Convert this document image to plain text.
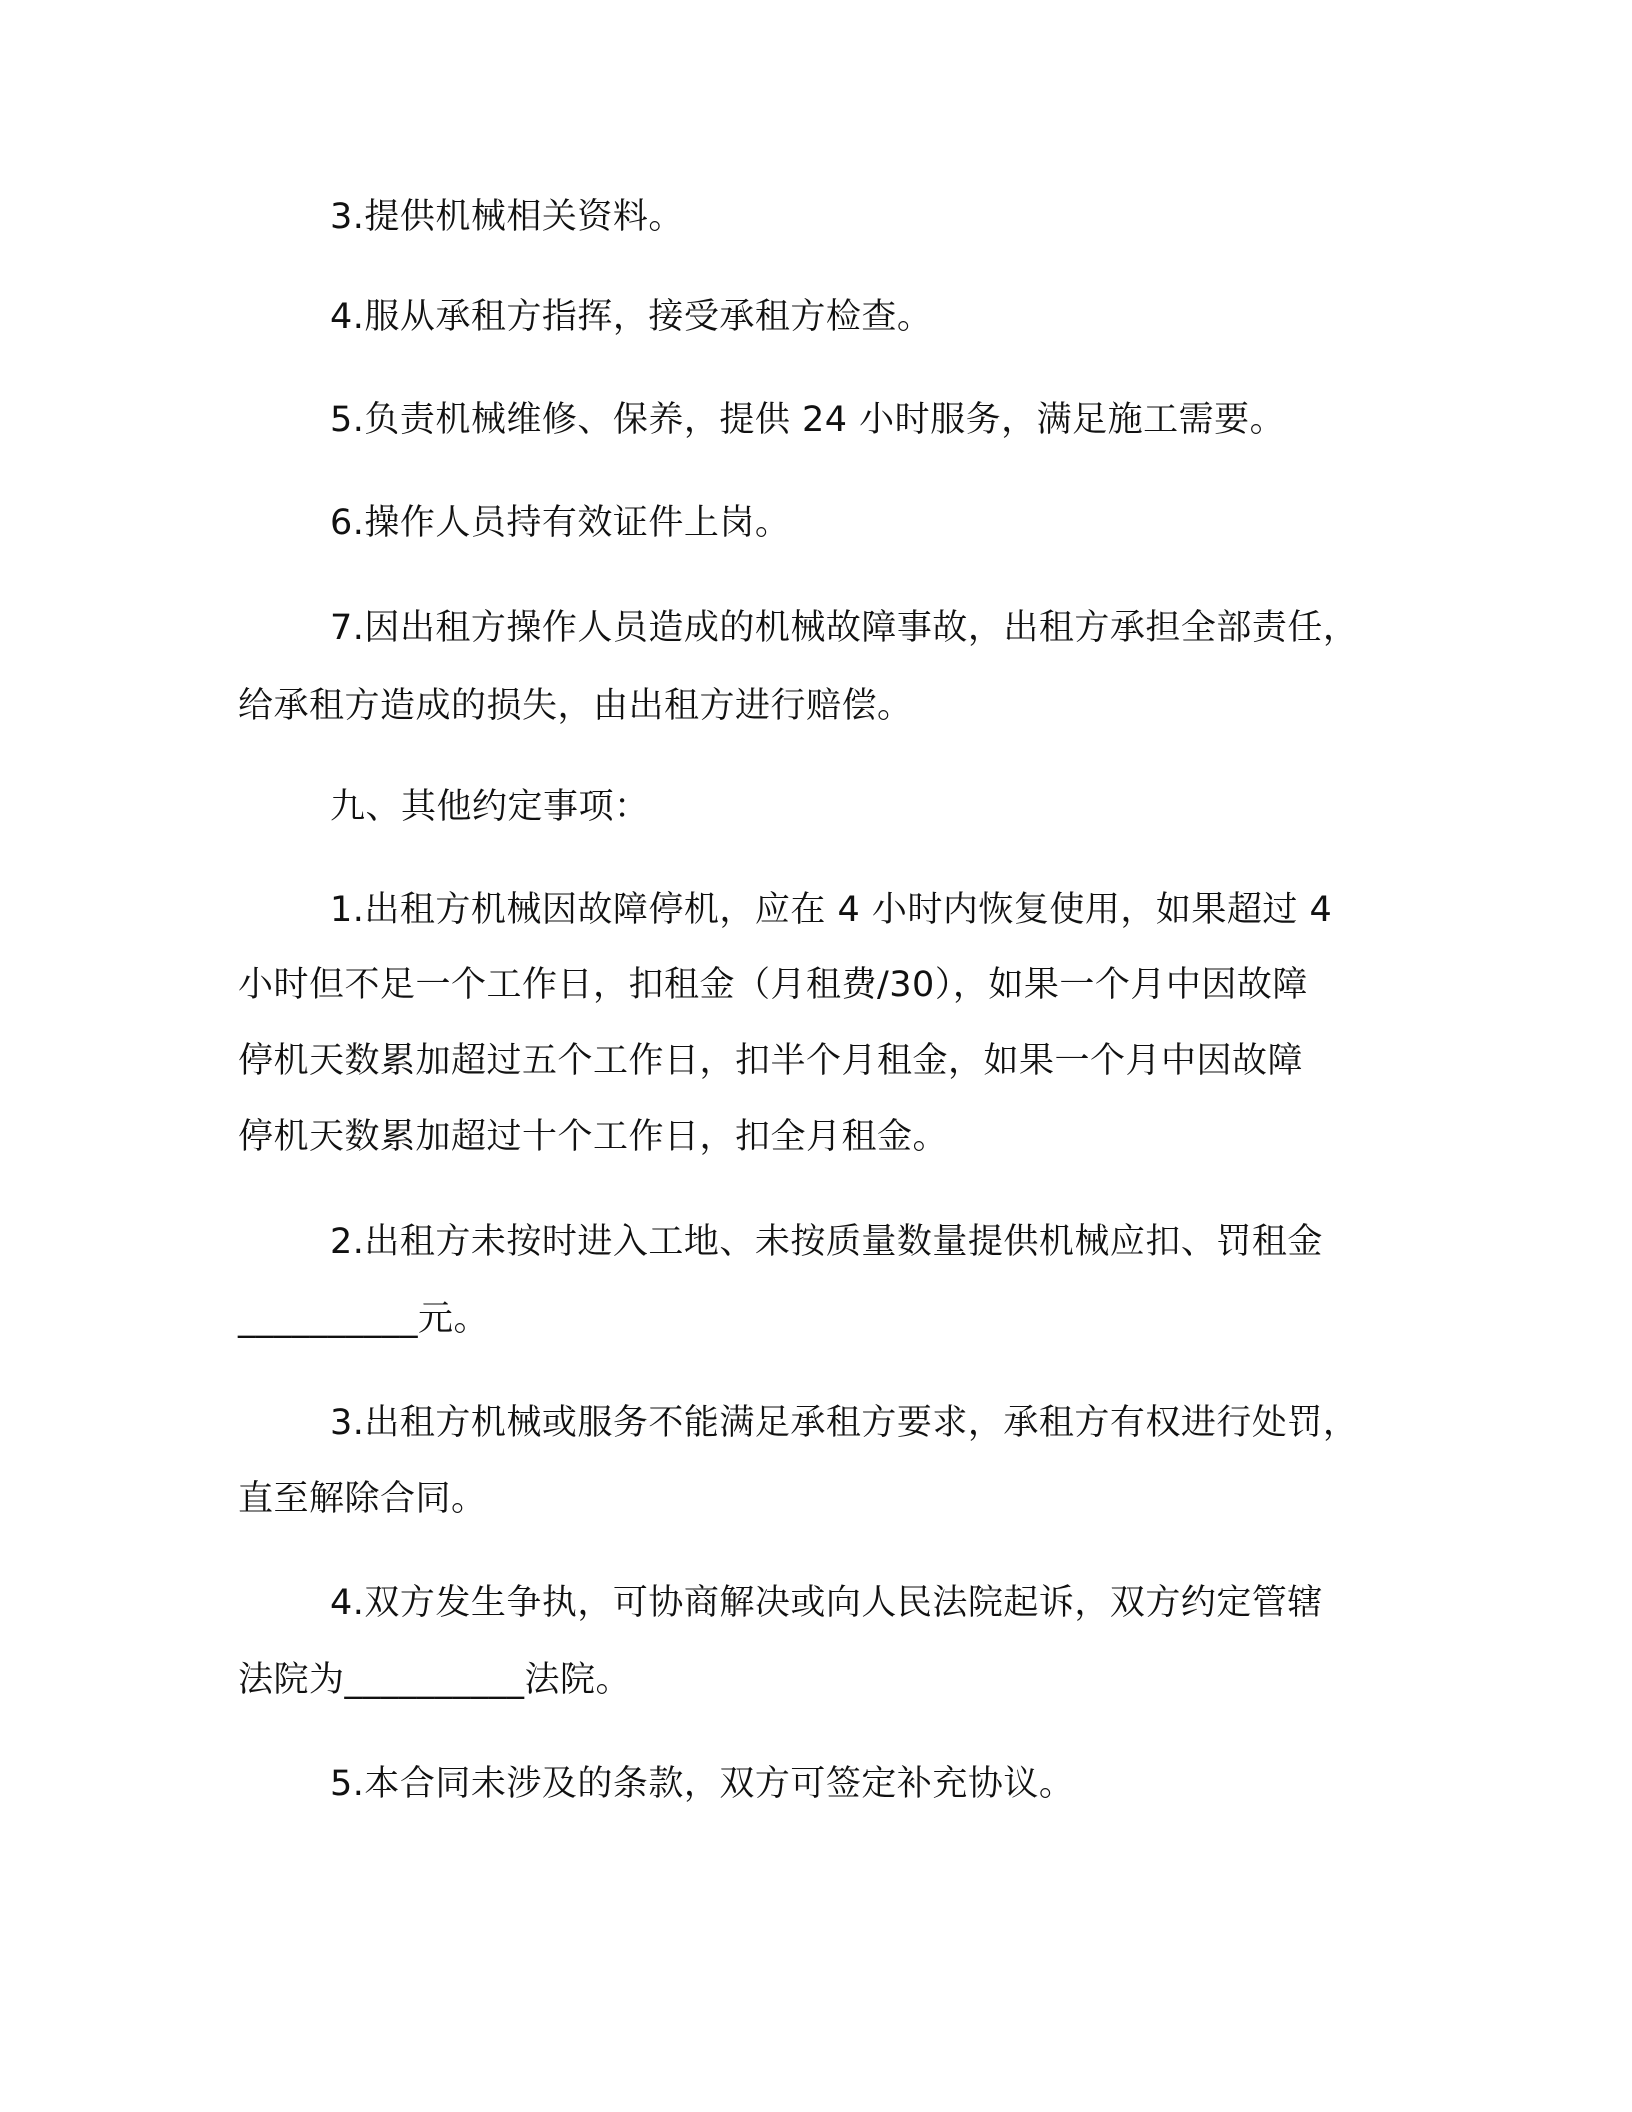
3.提供机械相关资料。

4.服从承租方指挥，接受承租方检查。

5.负责机械维修、保养，提供 24 小时服务，满足施工需要。

6.操作人员持有效证件上岗。

7.因出租方操作人员造成的机械故障事故，出租方承担全部责任，

给承租方造成的损失，由出租方进行赔偿。

九、其他约定事项：

1.出租方机械因故障停机，应在 4 小时内恢复使用，如果超过 4

小时但不足一个工作日，扣租金（月租费/30），如果一个月中因故障

停机天数累加超过五个工作日，扣半个月租金，如果一个月中因故障

停机天数累加超过十个工作日，扣全月租金。

2.出租方未按时进入工地、未按质量数量提供机械应扣、罚租金

__________元。

3.出租方机械或服务不能满足承租方要求，承租方有权进行处罚，

直至解除合同。

4.双方发生争执，可协商解决或向人民法院起诉，双方约定管辖

法院为__________法院。

5.本合同未涉及的条款，双方可签定补充协议。
